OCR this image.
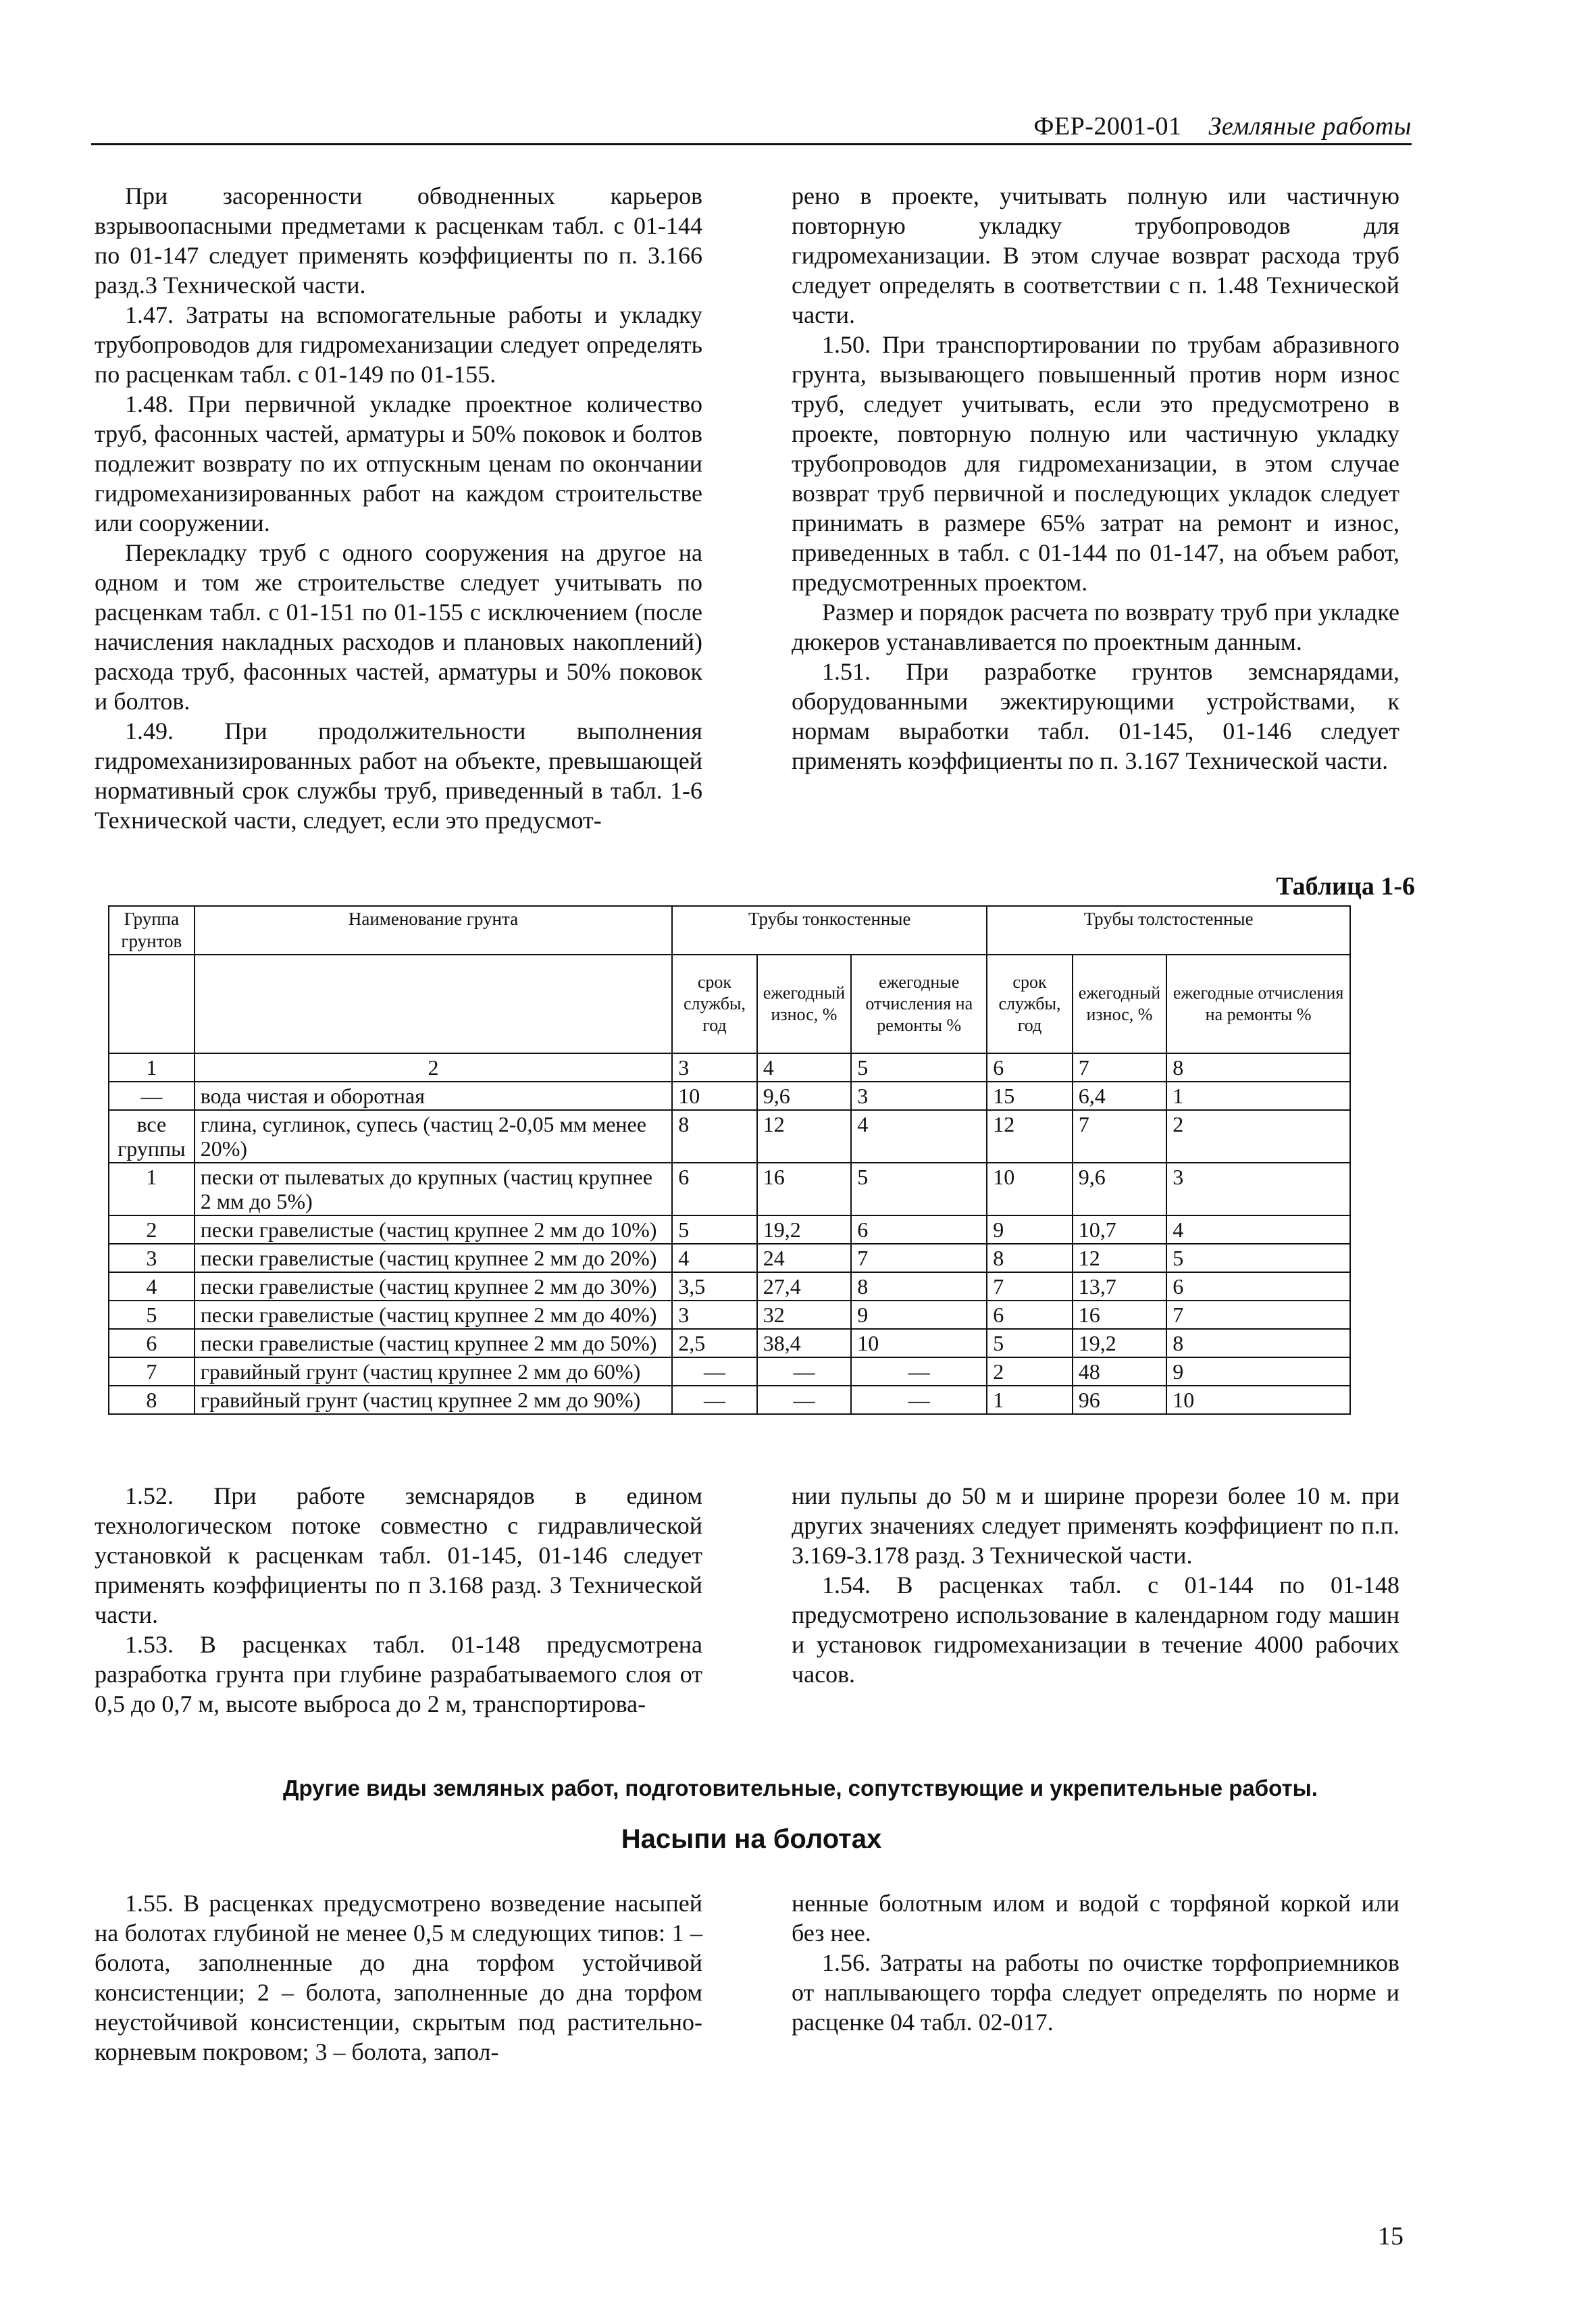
ФЕР-2001-01 Земляные работы

При засоренности обводненных карьеров взрывоопасными предметами к расценкам табл. с 01-144 по 01-147 следует применять коэффициенты по п. 3.166 разд.3 Технической части.

1.47. Затраты на вспомогательные работы и укладку трубопроводов для гидромеханизации следует определять по расценкам табл. с 01-149 по 01-155.

1.48. При первичной укладке проектное количество труб, фасонных частей, арматуры и 50% поковок и болтов подлежит возврату по их отпускным ценам по окончании гидромеханизированных работ на каждом строительстве или сооружении.

Перекладку труб с одного сооружения на другое на одном и том же строительстве следует учитывать по расценкам табл. с 01-151 по 01-155 с исключением (после начисления накладных расходов и плановых накоплений) расхода труб, фасонных частей, арматуры и 50% поковок и болтов.

1.49. При продолжительности выполнения гидромеханизированных работ на объекте, превышающей нормативный срок службы труб, приведенный в табл. 1-6 Технической части, следует, если это предусмот-

рено в проекте, учитывать полную или частичную повторную укладку трубопроводов для гидромеханизации. В этом случае возврат расхода труб следует определять в соответствии с п. 1.48 Технической части.

1.50. При транспортировании по трубам абразивного грунта, вызывающего повышенный против норм износ труб, следует учитывать, если это предусмотрено в проекте, повторную полную или частичную укладку трубопроводов для гидромеханизации, в этом случае возврат труб первичной и последующих укладок следует принимать в размере 65% затрат на ремонт и износ, приведенных в табл. с 01-144 по 01-147, на объем работ, предусмотренных проектом.

Размер и порядок расчета по возврату труб при укладке дюкеров устанавливается по проектным данным.

1.51. При разработке грунтов земснарядами, оборудованными эжектирующими устройствами, к нормам выработки табл. 01-145, 01-146 следует применять коэффициенты по п. 3.167 Технической части.

Таблица 1-6
Группа грунтов	Наименование грунта	Трубы тонкостенные			Трубы толстостенные		
		срок службы, год	ежегодный износ, %	ежегодные отчисления на ремонты %	срок службы, год	ежегодный износ, %	ежегодные отчисления на ремонты %
1	2	3	4	5	6	7	8
—	вода чистая и оборотная	10	9,6	3	15	6,4	1
все группы	глина, суглинок, супесь (частиц 2-0,05 мм менее 20%)	8	12	4	12	7	2
1	пески от пылеватых до крупных (частиц крупнее 2 мм до 5%)	6	16	5	10	9,6	3
2	пески гравелистые (частиц крупнее 2 мм до 10%)	5	19,2	6	9	10,7	4
3	пески гравелистые (частиц крупнее 2 мм до 20%)	4	24	7	8	12	5
4	пески гравелистые (частиц крупнее 2 мм до 30%)	3,5	27,4	8	7	13,7	6
5	пески гравелистые (частиц крупнее 2 мм до 40%)	3	32	9	6	16	7
6	пески гравелистые (частиц крупнее 2 мм до 50%)	2,5	38,4	10	5	19,2	8
7	гравийный грунт (частиц крупнее 2 мм до 60%)	—	—	—	2	48	9
8	гравийный грунт (частиц крупнее 2 мм до 90%)	—	—	—	1	96	10

1.52. При работе земснарядов в едином технологическом потоке совместно с гидравлической установкой к расценкам табл. 01-145, 01-146 следует применять коэффициенты по п 3.168 разд. 3 Технической части.

1.53. В расценках табл. 01-148 предусмотрена разработка грунта при глубине разрабатываемого слоя от 0,5 до 0,7 м, высоте выброса до 2 м, транспортирова-

нии пульпы до 50 м и ширине прорези более 10 м. при других значениях следует применять коэффициент по п.п. 3.169-3.178 разд. 3 Технической части.

1.54. В расценках табл. с 01-144 по 01-148 предусмотрено использование в календарном году машин и установок гидромеханизации в течение 4000 рабочих часов.

Другие виды земляных работ, подготовительные, сопутствующие и укрепительные работы.
Насыпи на болотах

1.55. В расценках предусмотрено возведение насыпей на болотах глубиной не менее 0,5 м следующих типов: 1 – болота, заполненные до дна торфом устойчивой консистенции; 2 – болота, заполненные до дна торфом неустойчивой консистенции, скрытым под растительно-корневым покровом; 3 – болота, запол-

ненные болотным илом и водой с торфяной коркой или без нее.

1.56. Затраты на работы по очистке торфоприемников от наплывающего торфа следует определять по норме и расценке 04 табл. 02-017.

15
